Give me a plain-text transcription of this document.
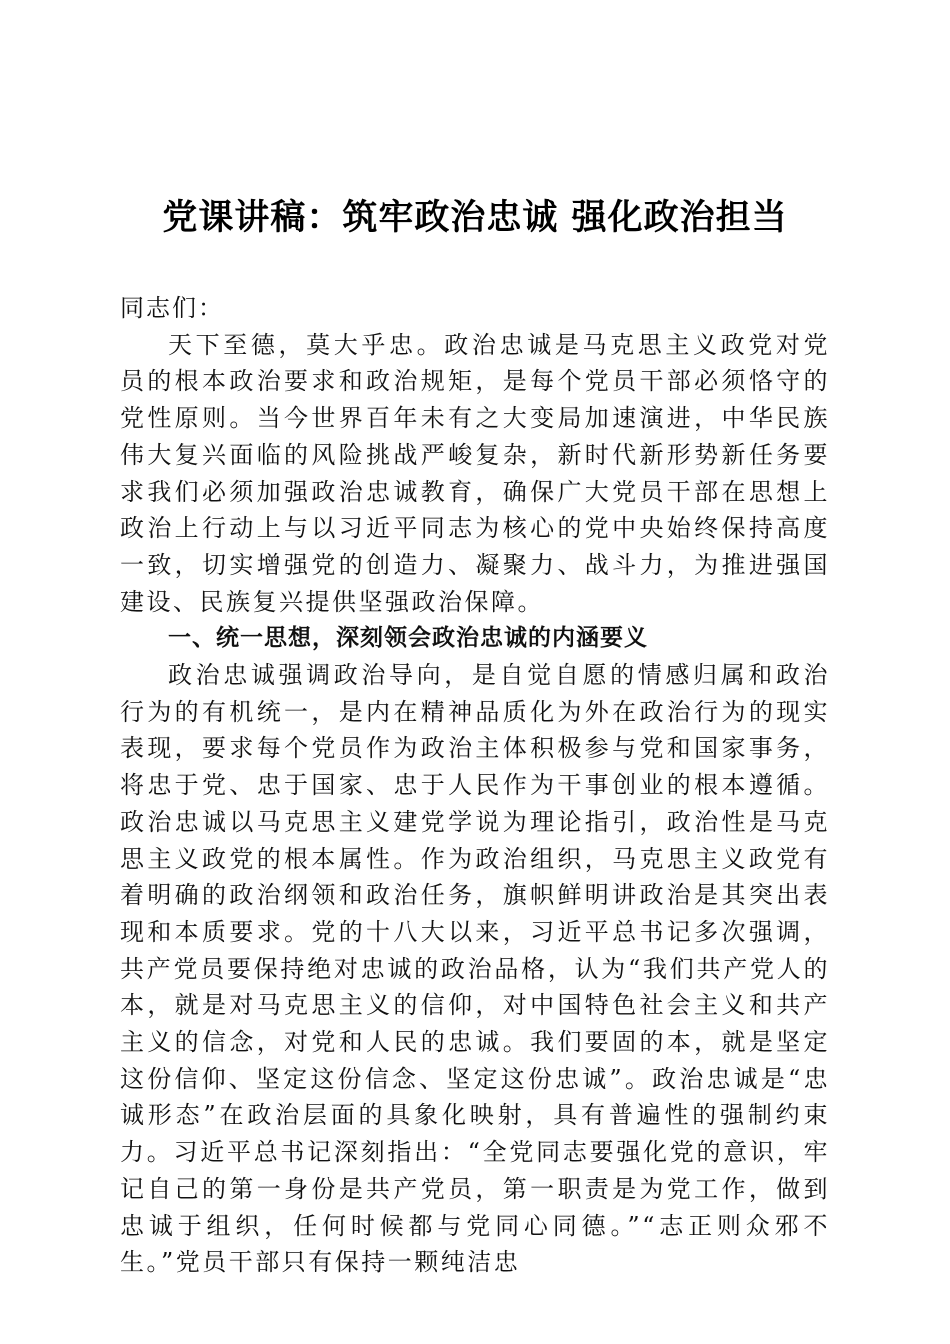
党课讲稿：筑牢政治忠诚 强化政治担当

同志们：

天下至德，莫大乎忠。政治忠诚是马克思主义政党对党员的根本政治要求和政治规矩，是每个党员干部必须恪守的党性原则。当今世界百年未有之大变局加速演进，中华民族伟大复兴面临的风险挑战严峻复杂，新时代新形势新任务要求我们必须加强政治忠诚教育，确保广大党员干部在思想上政治上行动上与以习近平同志为核心的党中央始终保持高度一致，切实增强党的创造力、凝聚力、战斗力，为推进强国建设、民族复兴提供坚强政治保障。

一、统一思想，深刻领会政治忠诚的内涵要义

政治忠诚强调政治导向，是自觉自愿的情感归属和政治行为的有机统一，是内在精神品质化为外在政治行为的现实表现，要求每个党员作为政治主体积极参与党和国家事务，将忠于党、忠于国家、忠于人民作为干事创业的根本遵循。政治忠诚以马克思主义建党学说为理论指引，政治性是马克思主义政党的根本属性。作为政治组织，马克思主义政党有着明确的政治纲领和政治任务，旗帜鲜明讲政治是其突出表现和本质要求。党的十八大以来，习近平总书记多次强调，共产党员要保持绝对忠诚的政治品格，认为“我们共产党人的本，就是对马克思主义的信仰，对中国特色社会主义和共产主义的信念，对党和人民的忠诚。我们要固的本，就是坚定这份信仰、坚定这份信念、坚定这份忠诚”。政治忠诚是“忠诚形态”在政治层面的具象化映射，具有普遍性的强制约束力。习近平总书记深刻指出：“全党同志要强化党的意识，牢记自己的第一身份是共产党员，第一职责是为党工作，做到忠诚于组织，任何时候都与党同心同德。”“志正则众邪不生。”党员干部只有保持一颗纯洁忠
